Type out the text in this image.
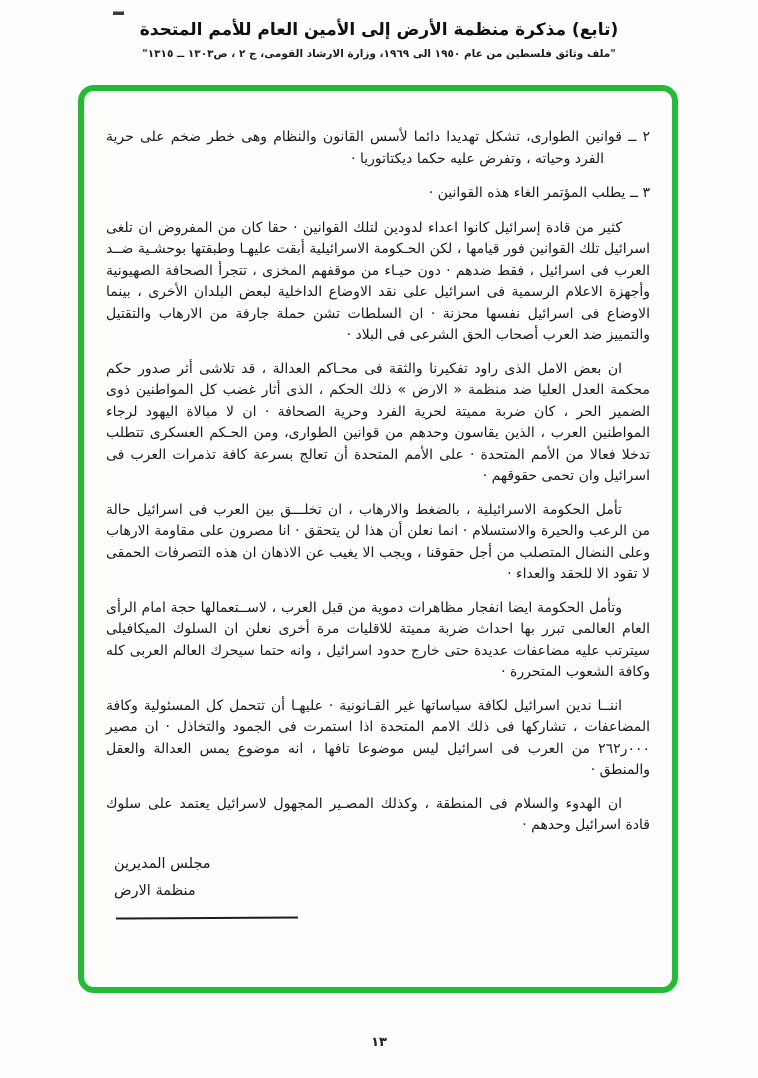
(تابع) مذكرة منظمة الأرض إلى الأمين العام للأمم المتحدة
"ملف وثائق فلسطين من عام ١٩٥٠ الى ١٩٦٩، وزارة الارشاد القومى، ج ٢ ، ص١٣٠٣ ــ ١٣١٥"
٢ ــ قوانين الطوارى، تشكل تهديدا دائما لأسس القانون والنظام وهى خطر ضخم على حرية الفرد وحياته ، وتفرض عليه حكما ديكتاتوريا ·
٣ ــ يطلب المؤتمر الغاء هذه القوانين ·

كثير من قادة إسرائيل كانوا اعداء لدودين لتلك القوانين · حقا كان من المفروض ان تلغى اسرائيل تلك القوانين فور قيامها ، لكن الحـكومة الاسرائيلية أبقت عليهـا وطبقتها بوحشـية ضــد العرب فى اسرائيل ، فقط ضدهم · دون حيـاء من موقفهم المخزى ، تتجرأ الصحافة الصهيونية وأجهزة الاعلام الرسمية فى اسرائيل على نقد الاوضاع الداخلية لبعض البلدان الأخرى ، بينما الاوضاع فى اسرائيل نفسها محزنة · ان السلطات تشن حملة جارفة من الارهاب والتقتيل والتمييز ضد العرب أصحاب الحق الشرعى فى البلاد ·

ان بعض الامل الذى راود تفكيرنا والثقة فى محـاكم العدالة ، قد تلاشى أثر صدور حكم محكمة العدل العليا ضد منظمة « الارض » ذلك الحكم ، الذى أثار غضب كل المواطنين ذوى الضمير الحر ، كان ضربة مميتة لحرية الفرد وحرية الصحافة · ان لا مبالاة اليهود لرجاء المواطنين العرب ، الذين يقاسون وحدهم من قوانين الطوارى، ومن الحـكم العسكرى تتطلب تدخلا فعالا من الأمم المتحدة · على الأمم المتحدة أن تعالج بسرعة كافة تذمرات العرب فى اسرائيل وان تحمى حقوقهم ·

تأمل الحكومة الاسرائيلية ، بالضغط والارهاب ، ان تخلـــق بين العرب فى اسرائيل حالة من الرعب والحيرة والاستسلام · انما نعلن أن هذا لن يتحقق · انا مصرون على مقاومة الارهاب وعلى النضال المتصلب من أجل حقوقنا ، ويجب الا يغيب عن الاذهان ان هذه التصرفات الحمقى لا تقود الا للحقد والعداء ·

وتأمل الحكومة ايضا انفجار مظاهرات دموية من قبل العرب ، لاســتعمالها حجة امام الرأى العام العالمى تبرر بها احداث ضربة مميتة للاقليات مرة أخرى نعلن ان السلوك الميكافيلى سيترتب عليه مضاعفات عديدة حتى خارج حدود اسرائيل ، وانه حتما سيحرك العالم العربى كله وكافة الشعوب المتحررة ·

اننــا ندين اسرائيل لكافة سياساتها غير القـانونية · عليهـا أن تتحمل كل المسئولية وكافة المضاعفات ، تشاركها فى ذلك الامم المتحدة اذا استمرت فى الجمود والتخاذل · ان مصير ٠٠٠ر٢٦٢ من العرب فى اسرائيل ليس موضوعا تافها ، انه موضوع يمس العدالة والعقل والمنطق ·

ان الهدوء والسلام فى المنطقة ، وكذلك المصـير المجهول لاسرائيل يعتمد على سلوك قادة اسرائيل وحدهم ·

مجلس المديرين
منظمة الارض
١٣
